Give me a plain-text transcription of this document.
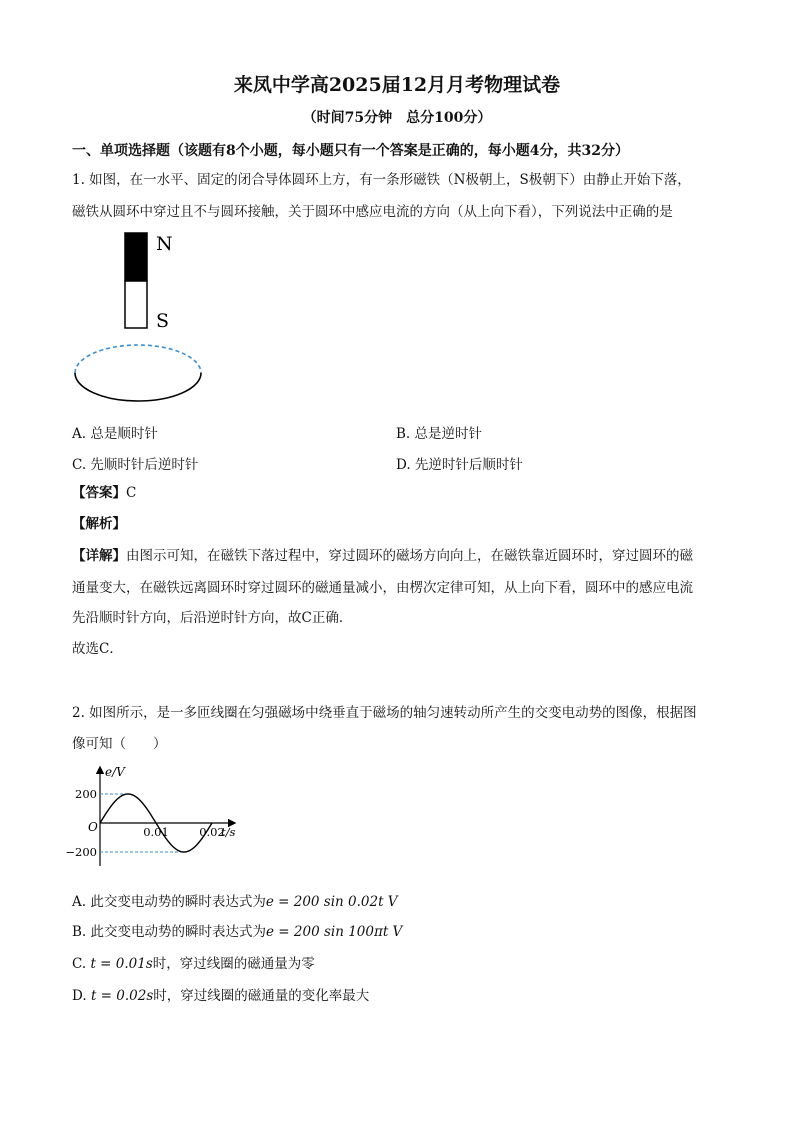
来凤中学高2025届12月月考物理试卷
（时间75分钟　总分100分）
一、单项选择题（该题有8个小题，每小题只有一个答案是正确的，每小题4分，共32分）
1. 如图，在一水平、固定的闭合导体圆环上方，有一条形磁铁（N极朝上，S极朝下）由静止开始下落，
磁铁从圆环中穿过且不与圆环接触，关于圆环中感应电流的方向（从上向下看），下列说法中正确的是
N
S
A. 总是顺时针	B. 总是逆时针
C. 先顺时针后逆时针	D. 先逆时针后顺时针
【答案】C
【解析】
【详解】由图示可知，在磁铁下落过程中，穿过圆环的磁场方向向上，在磁铁靠近圆环时，穿过圆环的磁
通量变大，在磁铁远离圆环时穿过圆环的磁通量减小，由楞次定律可知，从上向下看，圆环中的感应电流
先沿顺时针方向，后沿逆时针方向，故C正确．
故选C．
2. 如图所示，是一多匝线圈在匀强磁场中绕垂直于磁场的轴匀速转动所产生的交变电动势的图像，根据图
像可知（　　）
e/V
O	t/s
200
−200
0.01	0.02
A. 此交变电动势的瞬时表达式为e = 200 sin 0.02t V
B. 此交变电动势的瞬时表达式为e = 200 sin 100πt V
C. t = 0.01s时，穿过线圈的磁通量为零
D. t = 0.02s时，穿过线圈的磁通量的变化率最大
